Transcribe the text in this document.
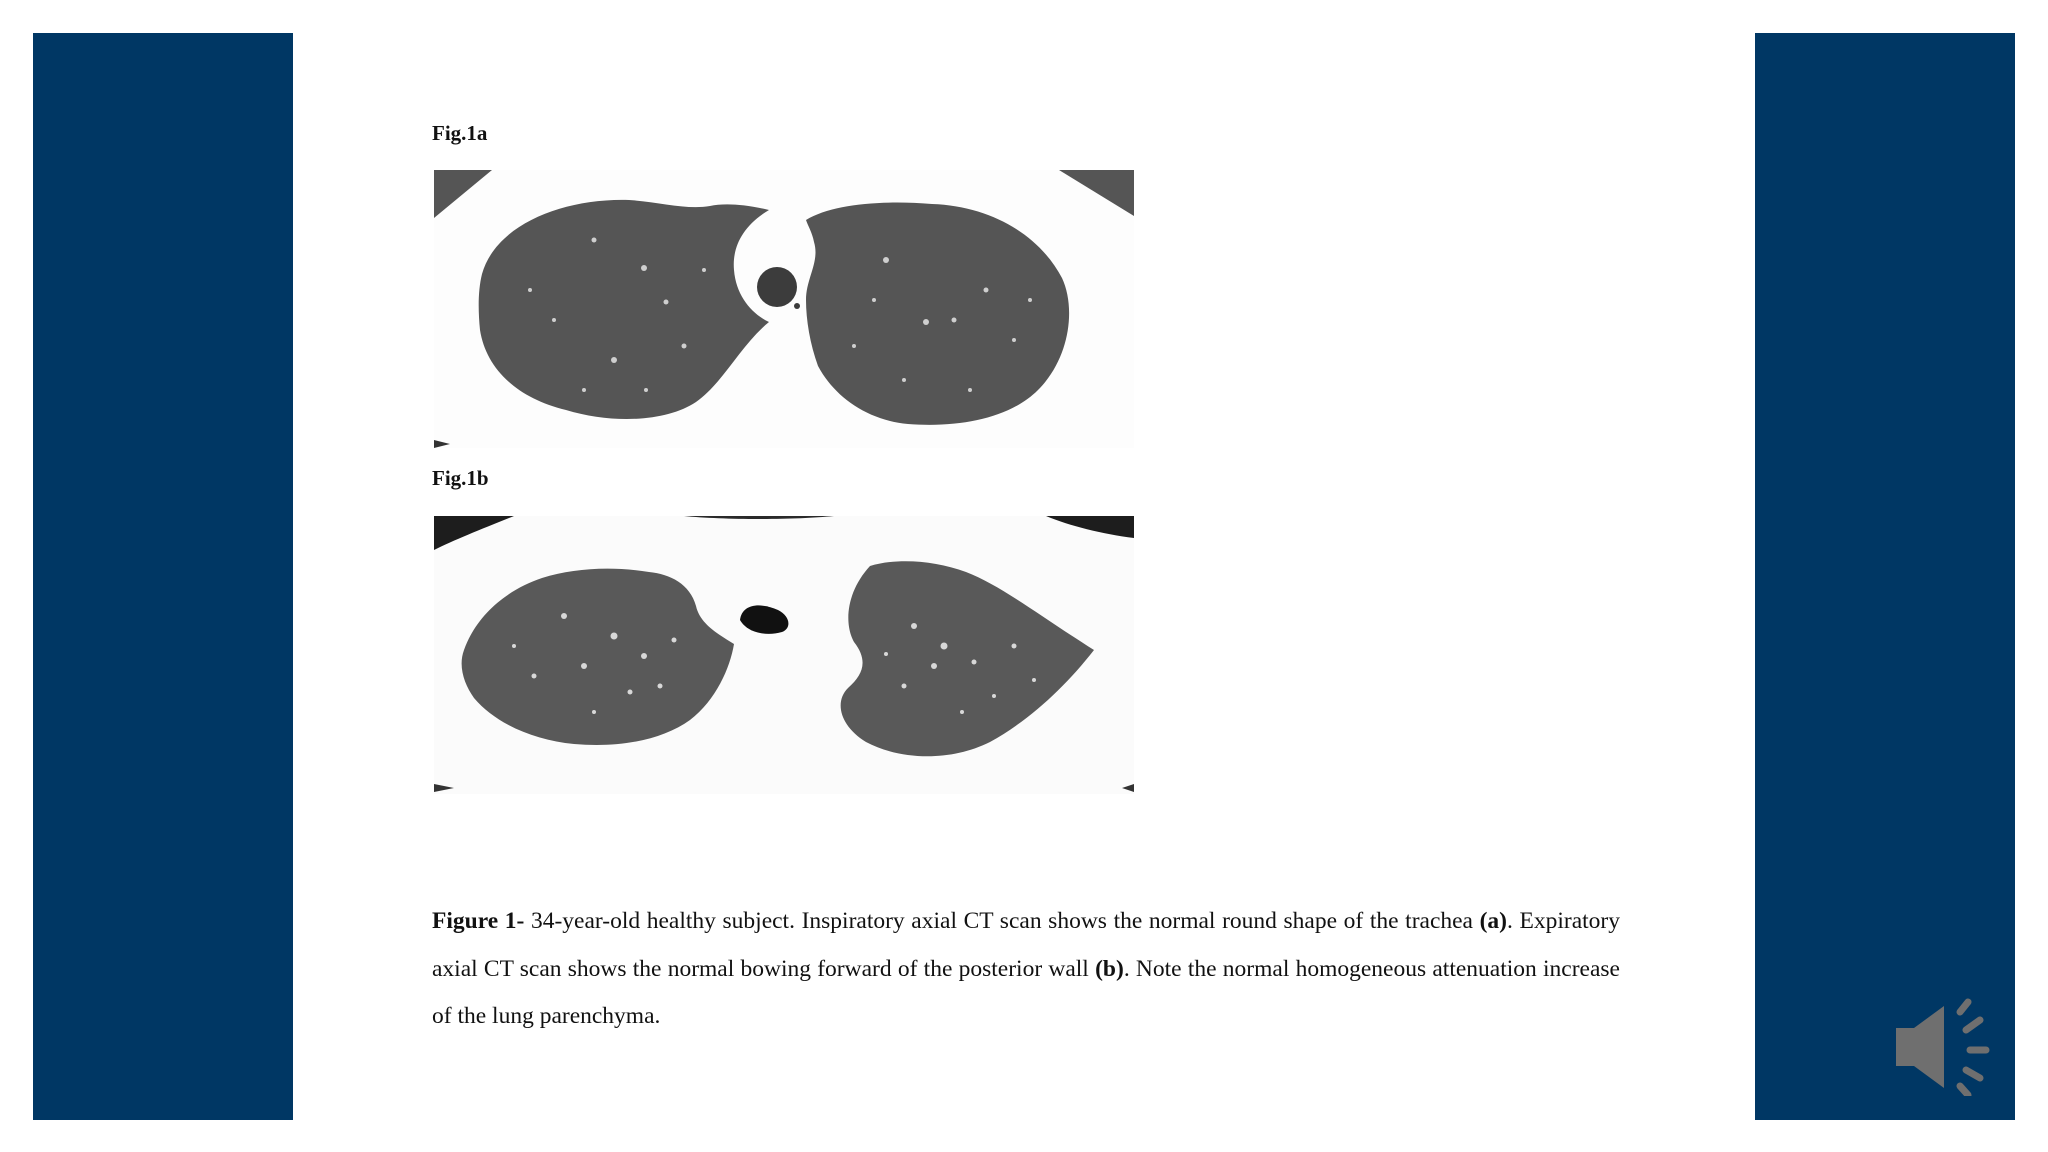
Fig.1a
Fig.1b
Figure 1- 34-year-old healthy subject. Inspiratory axial CT scan shows the normal round shape of the trachea (a). Expiratory axial CT scan shows the normal bowing forward of the posterior wall (b). Note the normal homogeneous attenuation increase of the lung parenchyma.
